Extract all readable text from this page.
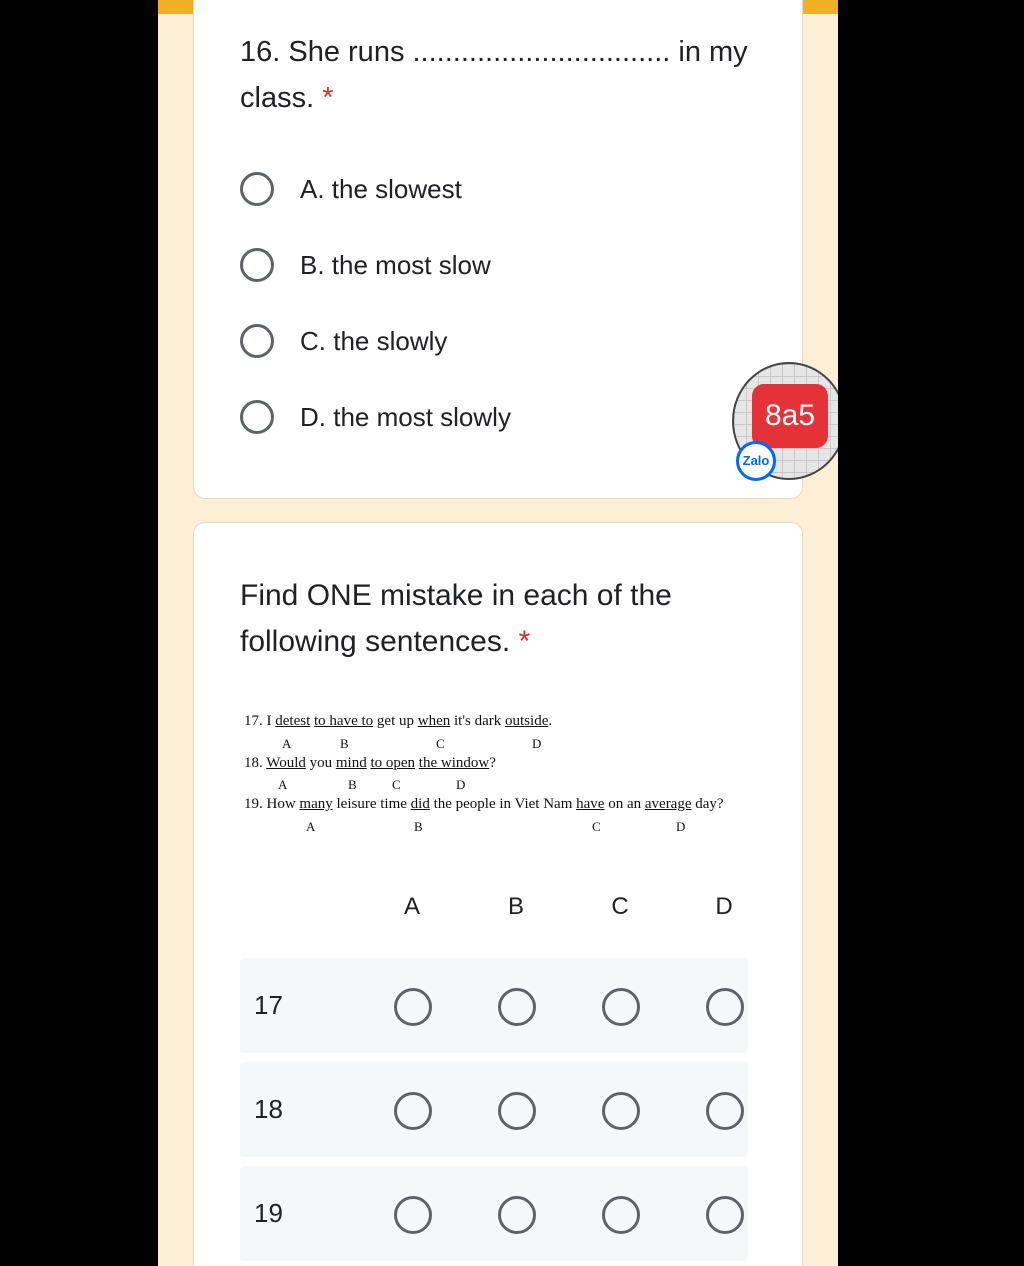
16. She runs ................................ in my
class. *
A. the slowest
B. the most slow
C. the slowly
D. the most slowly
Find ONE mistake in each of the
following sentences. *
17. I detest to have to get up when it's dark outside.
A	B	C	D
18. Would you mind to open the window?
A	B	C	D
19. How many leisure time did the people in Viet Nam have on an average day?
A	B	C	D
A	B	C	D
17
18
19
8a5
Zalo
